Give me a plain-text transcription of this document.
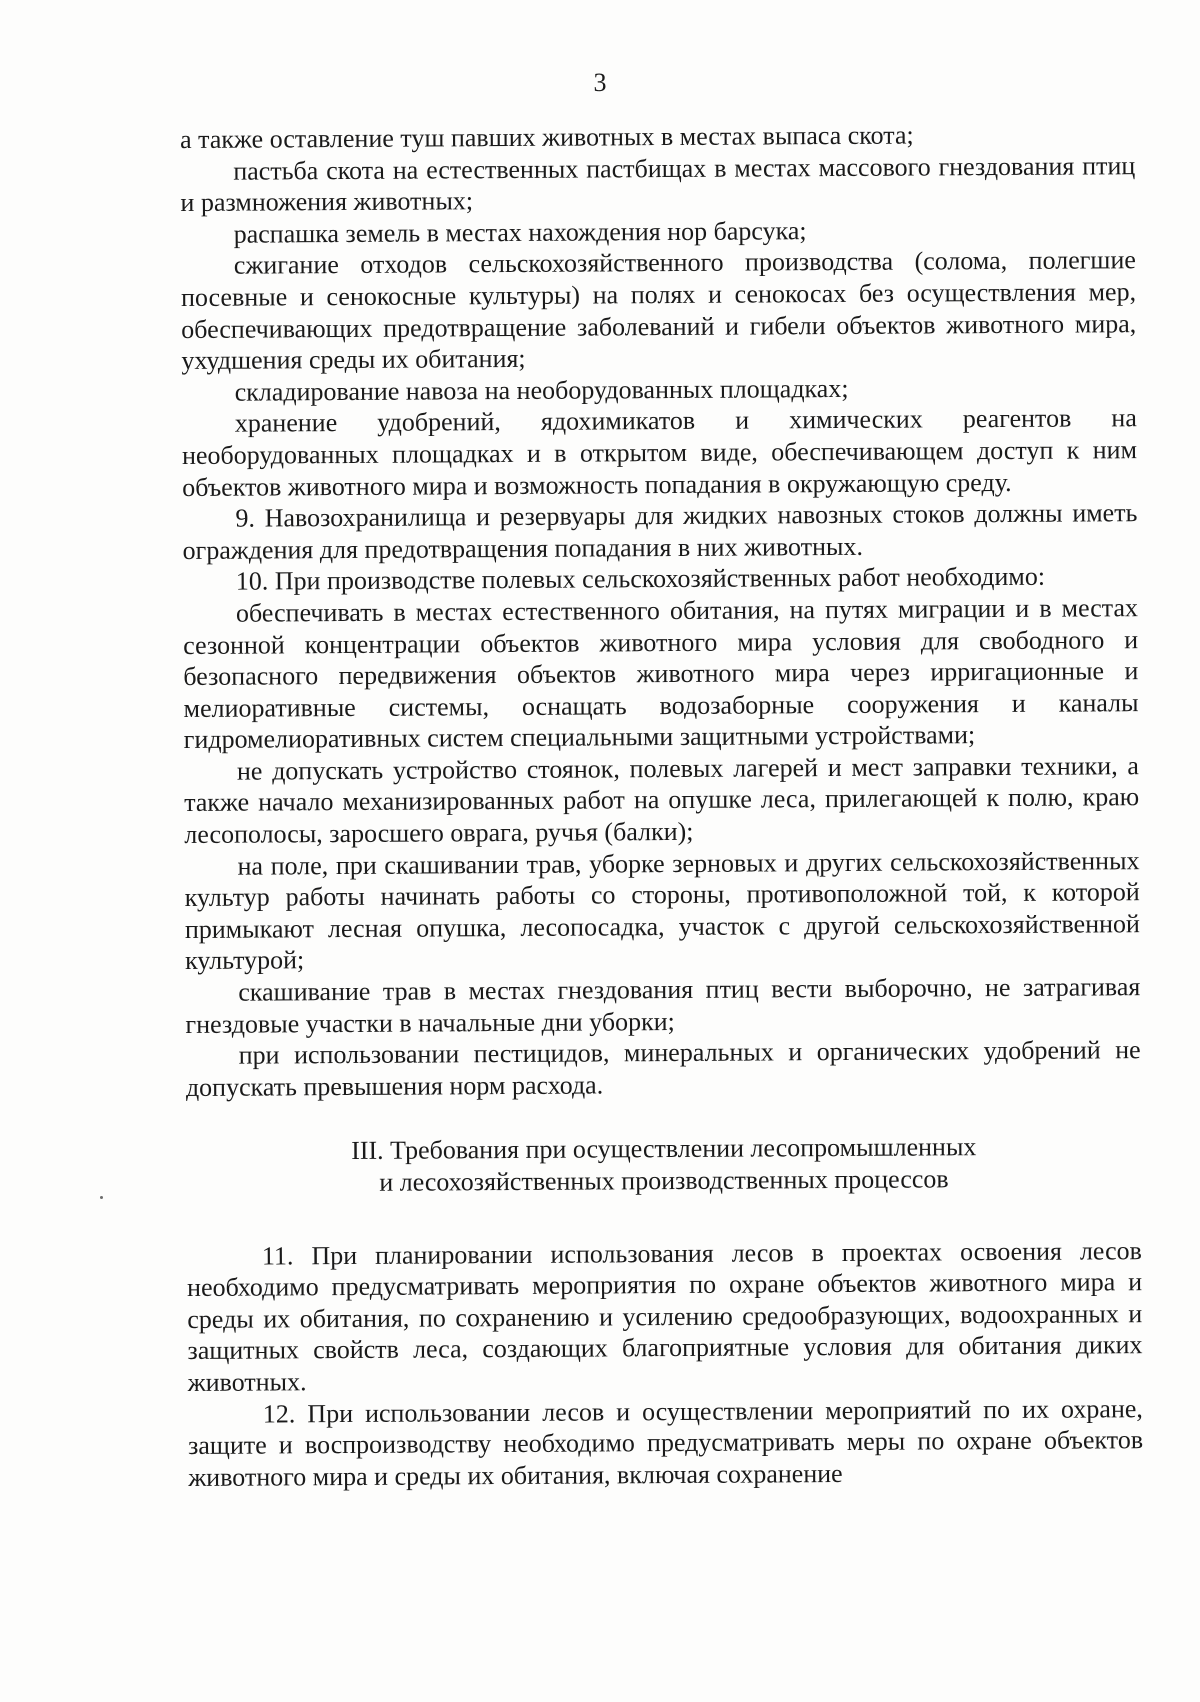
3

а также оставление туш павших животных в местах выпаса скота;

пастьба скота на естественных пастбищах в местах массового гнездования птиц и размножения животных;

распашка земель в местах нахождения нор барсука;

сжигание отходов сельскохозяйственного производства (солома, полегшие посевные и сенокосные культуры) на полях и сенокосах без осуществления мер, обеспечивающих предотвращение заболеваний и гибели объектов животного мира, ухудшения среды их обитания;

складирование навоза на необорудованных площадках;

хранение удобрений, ядохимикатов и химических реагентов на необорудованных площадках и в открытом виде, обеспечивающем доступ к ним объектов животного мира и возможность попадания в окружающую среду.

9. Навозохранилища и резервуары для жидких навозных стоков должны иметь ограждения для предотвращения попадания в них животных.

10. При производстве полевых сельскохозяйственных работ необходимо:

обеспечивать в местах естественного обитания, на путях миграции и в местах сезонной концентрации объектов животного мира условия для свободного и безопасного передвижения объектов животного мира через ирригационные и мелиоративные системы, оснащать водозаборные сооружения и каналы гидромелиоративных систем специальными защитными устройствами;

не допускать устройство стоянок, полевых лагерей и мест заправки техники, а также начало механизированных работ на опушке леса, прилегающей к полю, краю лесополосы, заросшего оврага, ручья (балки);

на поле, при скашивании трав, уборке зерновых и других сельскохозяйственных культур работы начинать работы со стороны, противоположной той, к которой примыкают лесная опушка, лесопосадка, участок с другой сельскохозяйственной культурой;

скашивание трав в местах гнездования птиц вести выборочно, не затрагивая гнездовые участки в начальные дни уборки;

при использовании пестицидов, минеральных и органических удобрений не допускать превышения норм расхода.

III. Требования при осуществлении лесопромышленных

и лесохозяйственных производственных процессов

11. При планировании использования лесов в проектах освоения лесов необходимо предусматривать мероприятия по охране объектов животного мира и среды их обитания, по сохранению и усилению средообразующих, водоохранных и защитных свойств леса, создающих благоприятные условия для обитания диких животных.

12. При использовании лесов и осуществлении мероприятий по их охране, защите и воспроизводству необходимо предусматривать меры по охране объектов животного мира и среды их обитания, включая сохранение
